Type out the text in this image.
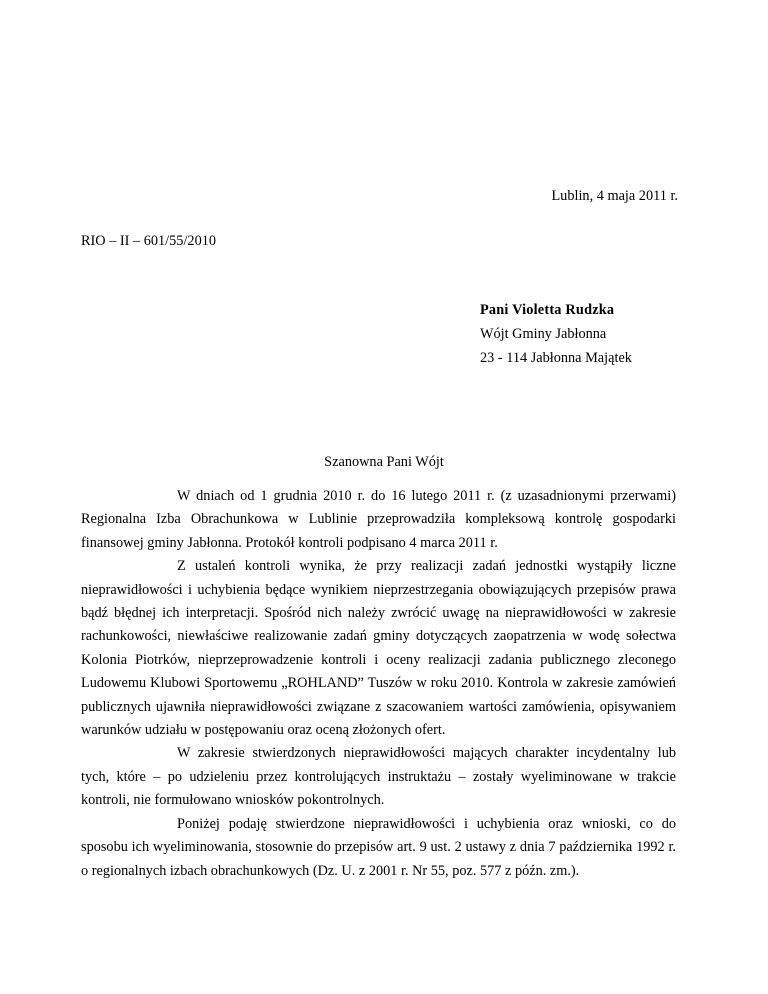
Lublin, 4 maja 2011 r.
RIO – II – 601/55/2010
Pani Violetta Rudzka
Wójt Gminy Jabłonna
23 - 114 Jabłonna Majątek
Szanowna Pani Wójt

W dniach od 1 grudnia 2010 r. do 16 lutego 2011 r. (z uzasadnionymi przerwami) Regionalna Izba Obrachunkowa w Lublinie przeprowadziła kompleksową kontrolę gospodarki finansowej gminy Jabłonna. Protokół kontroli podpisano 4 marca 2011 r.

Z ustaleń kontroli wynika, że przy realizacji zadań jednostki wystąpiły liczne nieprawidłowości i uchybienia będące wynikiem nieprzestrzegania obowiązujących przepisów prawa bądź błędnej ich interpretacji. Spośród nich należy zwrócić uwagę na nieprawidłowości w zakresie rachunkowości, niewłaściwe realizowanie zadań gminy dotyczących zaopatrzenia w wodę sołectwa Kolonia Piotrków, nieprzeprowadzenie kontroli i oceny realizacji zadania publicznego zleconego Ludowemu Klubowi Sportowemu „ROHLAND” Tuszów w roku 2010. Kontrola w zakresie zamówień publicznych ujawniła nieprawidłowości związane z szacowaniem wartości zamówienia, opisywaniem warunków udziału w postępowaniu oraz oceną złożonych ofert.

W zakresie stwierdzonych nieprawidłowości mających charakter incydentalny lub tych, które – po udzieleniu przez kontrolujących instruktażu – zostały wyeliminowane w trakcie kontroli, nie formułowano wniosków pokontrolnych.

Poniżej podaję stwierdzone nieprawidłowości i uchybienia oraz wnioski, co do sposobu ich wyeliminowania, stosownie do przepisów art. 9 ust. 2 ustawy z dnia 7 października 1992 r. o regionalnych izbach obrachunkowych (Dz. U. z 2001 r. Nr 55, poz. 577 z późn. zm.).
